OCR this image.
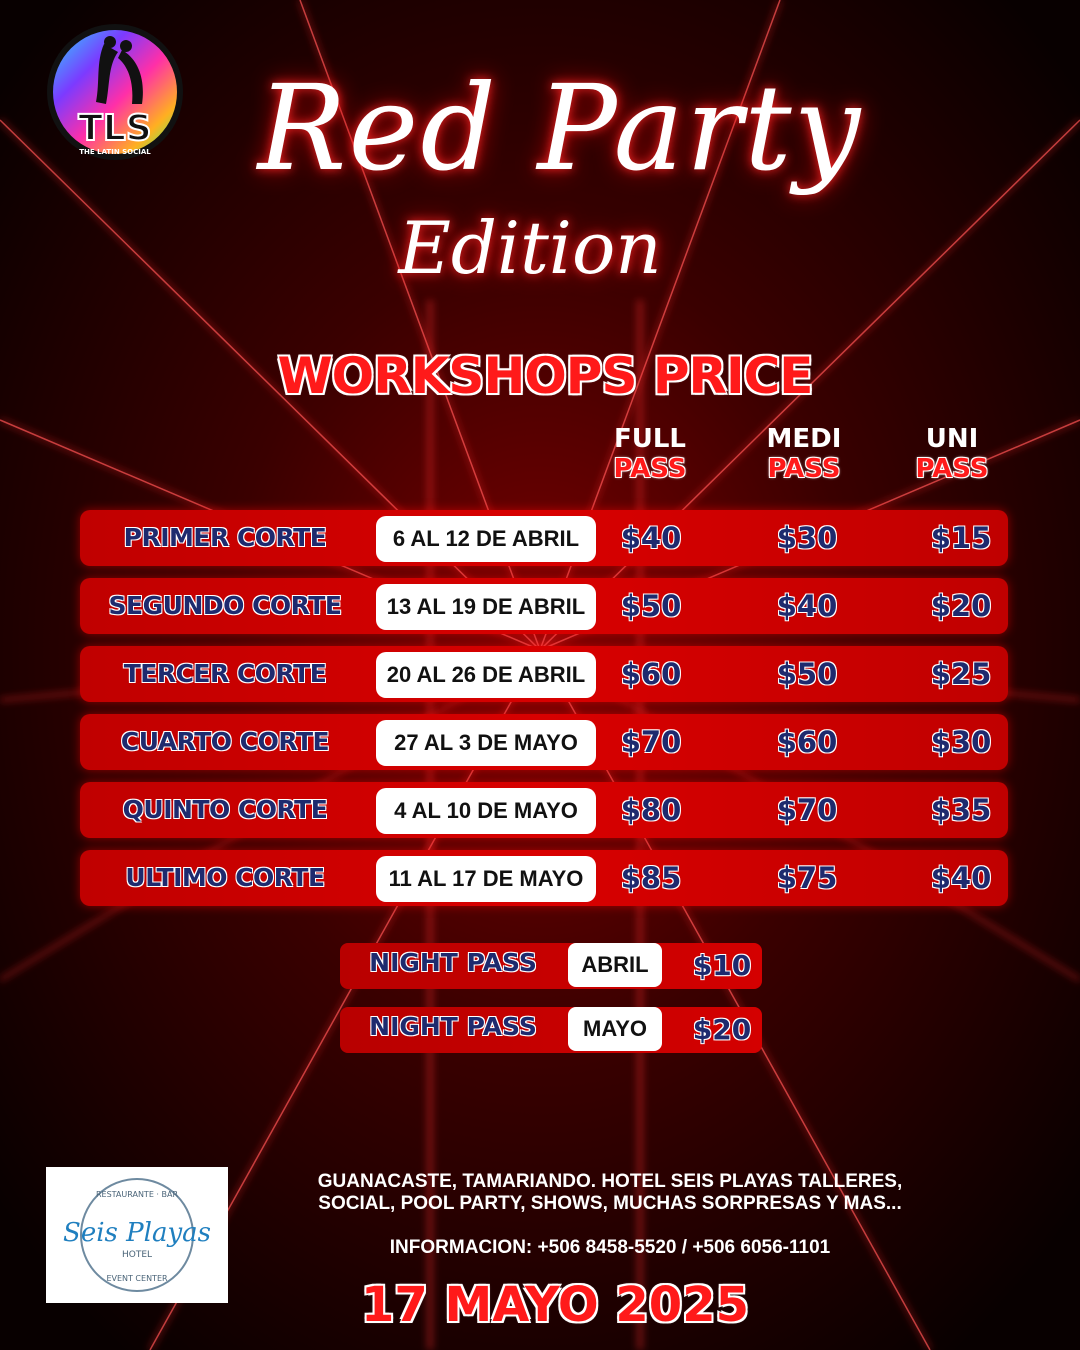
TLS
THE LATIN SOCIAL Red Party
Edition
WORKSHOPS PRICE
FULL
PASS
MEDI
PASS
UNI
PASS
PRIMER CORTE	6 AL 12 DE ABRIL	$40	$30	$15
SEGUNDO CORTE	13 AL 19 DE ABRIL	$50	$40	$20
TERCER CORTE	20 AL 26 DE ABRIL	$60	$50	$25
CUARTO CORTE	27 AL 3 DE MAYO	$70	$60	$30
QUINTO CORTE	4 AL 10 DE MAYO	$80	$70	$35
ULTIMO CORTE	11 AL 17 DE MAYO	$85	$75	$40
NIGHT PASS	ABRIL	$10
NIGHT PASS	MAYO	$20
RESTAURANTE · BAR
Seis Playas
HOTEL
EVENT CENTER
GUANACASTE, TAMARIANDO. HOTEL SEIS PLAYAS TALLERES,
SOCIAL, POOL PARTY, SHOWS, MUCHAS SORPRESAS Y MAS...
INFORMACION: +506 8458-5520 / +506 6056-1101
17 MAYO 2025
